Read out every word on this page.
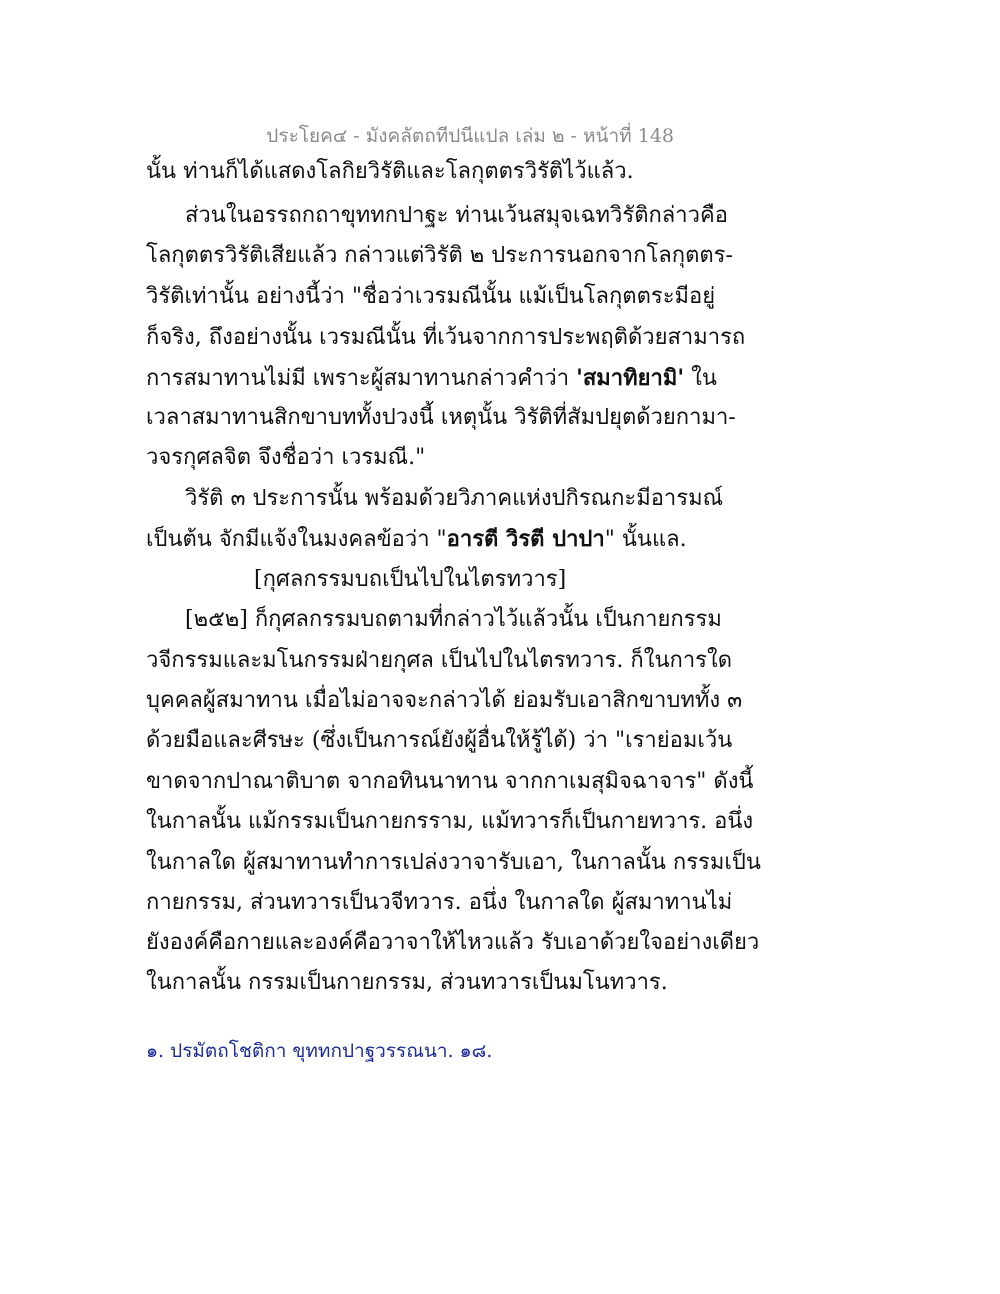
ประโยค๔ - มังคลัตถทีปนีแปล เล่ม ๒ - หน้าที่ 148
นั้น ท่านก็ได้แสดงโลกิยวิรัติและโลกุตตรวิรัติไว้แล้ว.
ส่วนในอรรถกถาขุททกปาฐะ ท่านเว้นสมุจเฉทวิรัติกล่าวคือ
โลกุตตรวิรัติเสียแล้ว กล่าวแต่วิรัติ ๒ ประการนอกจากโลกุตตร-
วิรัติเท่านั้น อย่างนี้ว่า "ชื่อว่าเวรมณีนั้น แม้เป็นโลกุตตระมีอยู่
ก็จริง, ถึงอย่างนั้น เวรมณีนั้น ที่เว้นจากการประพฤติด้วยสามารถ
การสมาทานไม่มี เพราะผู้สมาทานกล่าวคำว่า 'สมาทิยามิ' ใน
เวลาสมาทานสิกขาบททั้งปวงนี้ เหตุนั้น วิรัติที่สัมปยุตด้วยกามา-
วจรกุศลจิต จึงชื่อว่า เวรมณี."
วิรัติ ๓ ประการนั้น พร้อมด้วยวิภาคแห่งปกิรณกะมีอารมณ์
เป็นต้น จักมีแจ้งในมงคลข้อว่า "อารตี วิรตี ปาปา" นั้นแล.
[กุศลกรรมบถเป็นไปในไตรทวาร]
[๒๕๒] ก็กุศลกรรมบถตามที่กล่าวไว้แล้วนั้น เป็นกายกรรม
วจีกรรมและมโนกรรมฝ่ายกุศล เป็นไปในไตรทวาร. ก็ในการใด
บุคคลผู้สมาทาน เมื่อไม่อาจจะกล่าวได้ ย่อมรับเอาสิกขาบททั้ง ๓
ด้วยมือและศีรษะ (ซึ่งเป็นการณ์ยังผู้อื่นให้รู้ได้) ว่า "เราย่อมเว้น
ขาดจากปาณาติบาต จากอทินนาทาน จากกาเมสุมิจฉาจาร" ดังนี้
ในกาลนั้น แม้กรรมเป็นกายกรราม, แม้ทวารก็เป็นกายทวาร. อนึ่ง
ในกาลใด ผู้สมาทานทำการเปล่งวาจารับเอา, ในกาลนั้น กรรมเป็น
กายกรรม, ส่วนทวารเป็นวจีทวาร. อนึ่ง ในกาลใด ผู้สมาทานไม่
ยังองค์คือกายและองค์คือวาจาให้ไหวแล้ว รับเอาด้วยใจอย่างเดียว
ในกาลนั้น กรรมเป็นกายกรรม, ส่วนทวารเป็นมโนทวาร.
๑. ปรมัตถโชติกา ขุททกปาฐวรรณนา. ๑๘.
